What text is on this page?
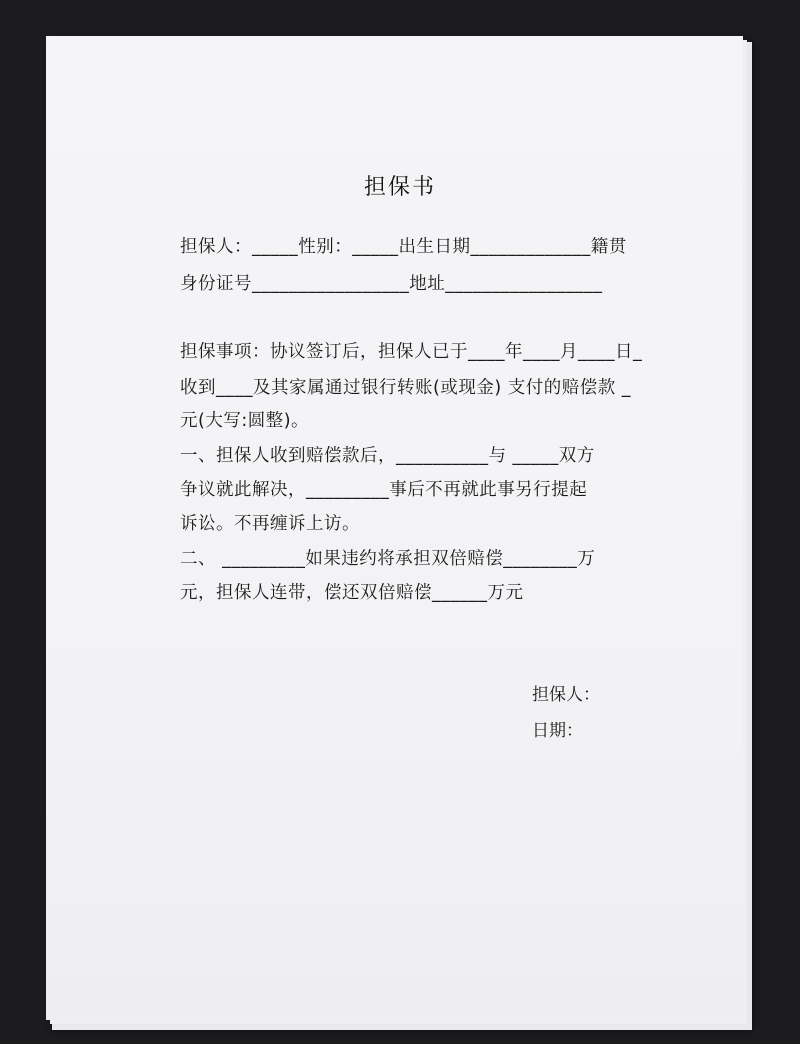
担保书
担保人：_____性别：_____出生日期_____________籍贯
身份证号_________________地址_________________
担保事项：协议签订后，担保人已于____年____月____日_
收到____及其家属通过银行转账(或现金) 支付的赔偿款 _
元(大写:圆整)。
一、担保人收到赔偿款后，__________与 _____双方
争议就此解决，_________事后不再就此事另行提起
诉讼。不再缠诉上访。
二、 _________如果违约将承担双倍赔偿________万
元，担保人连带，偿还双倍赔偿______万元
担保人：
日期：
